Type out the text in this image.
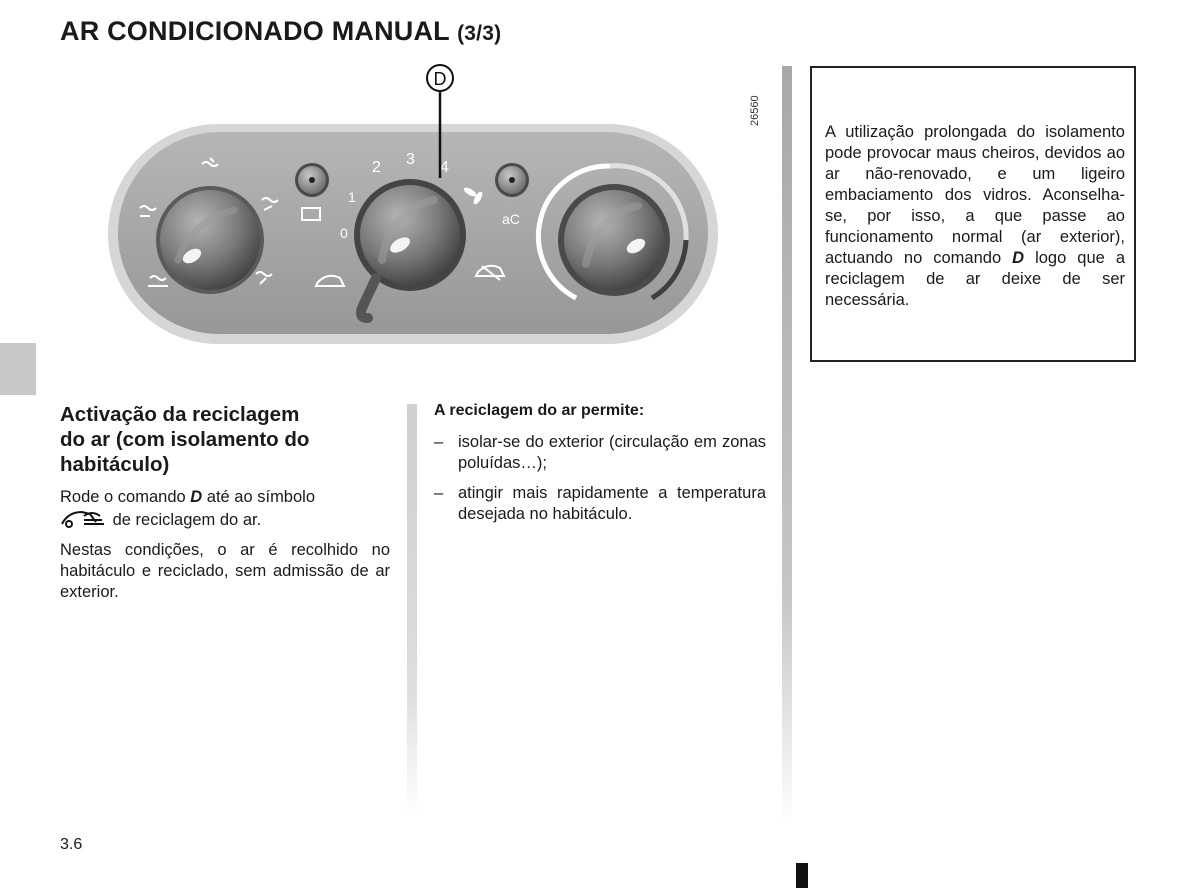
AR CONDICIONADO MANUAL (3/3)
0
1
2 3 4
aC
D
26560
Activação da reciclagem
do ar (com isolamento do
habitáculo)

Rode o comando D até ao símbolo
de reciclagem do ar.

Nestas condições, o ar é recolhido no habitáculo e reciclado, sem admissão de ar exterior.

A reciclagem do ar permite:

– isolar-se do exterior (circulação em zonas poluídas…);
– atingir mais rapidamente a temperatura desejada no habitáculo.

A utilização prolongada do isolamento pode provocar maus cheiros, devidos ao ar não-renovado, e um ligeiro embaciamento dos vidros. Aconselha-se, por isso, a que passe ao funcionamento normal (ar exterior), actuando no comando D logo que a reciclagem de ar deixe de ser necessária.

3.6
